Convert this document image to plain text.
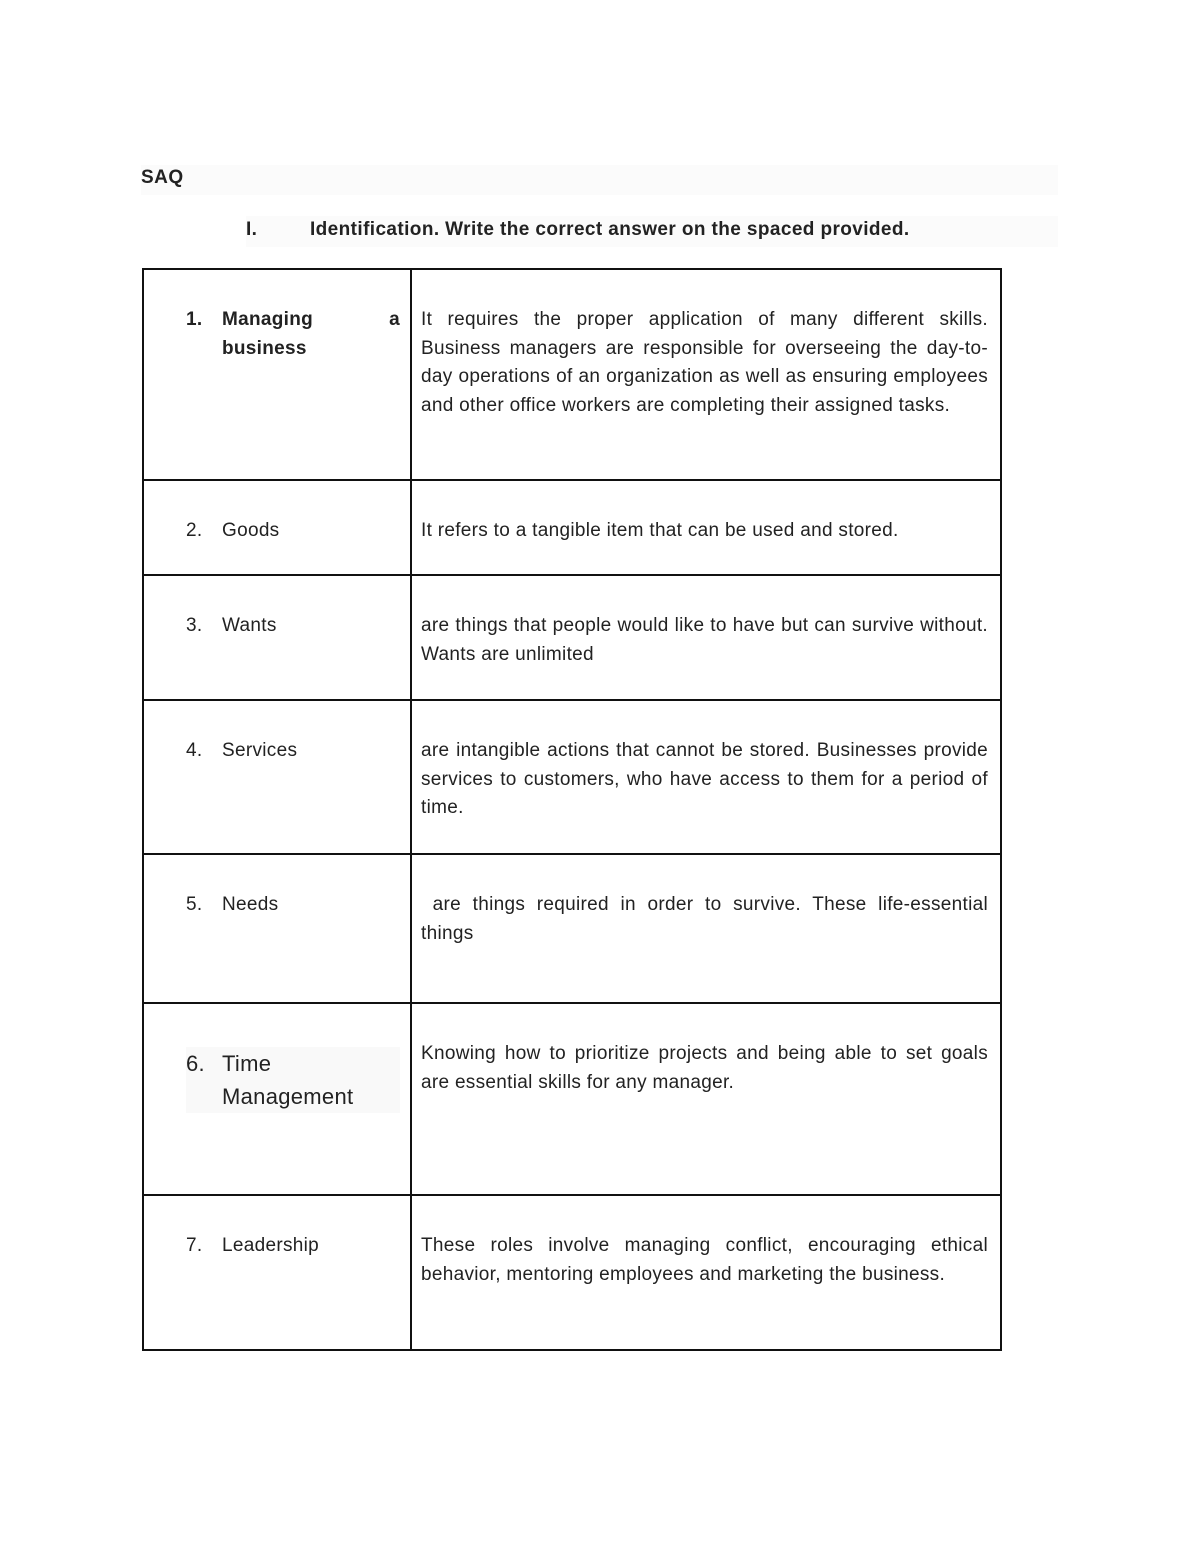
SAQ
I.	Identification. Write the correct answer on the spaced provided.
1. Managing a business	It requires the proper application of many different skills. Business managers are responsible for overseeing the day-to-day operations of an organization as well as ensuring employees and other office workers are completing their assigned tasks.

2. Goods	It refers to a tangible item that can be used and stored.

3. Wants	are things that people would like to have but can survive without. Wants are unlimited

4. Services	are intangible actions that cannot be stored. Businesses provide services to customers, who have access to them for a period of time.

5. Needs	are things required in order to survive. These life-essential things

6. Time Management	Knowing how to prioritize projects and being able to set goals are essential skills for any manager.

7. Leadership	These roles involve managing conflict, encouraging ethical behavior, mentoring employees and marketing the business.
